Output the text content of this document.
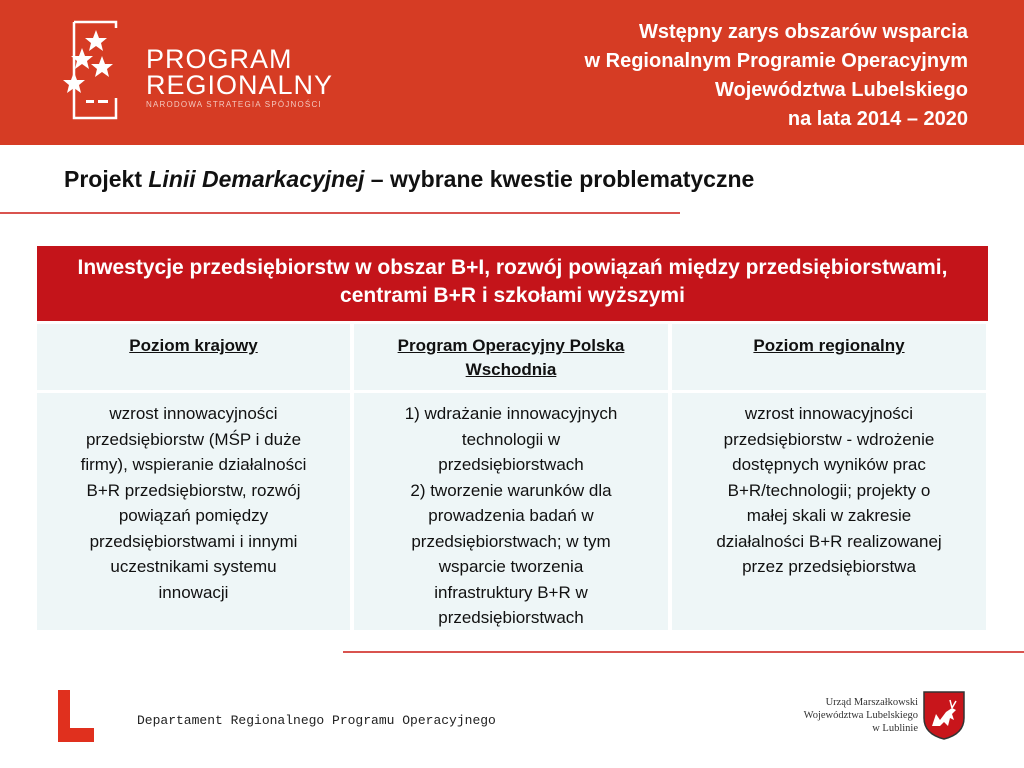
PROGRAM
REGIONALNY
NARODOWA STRATEGIA SPÓJNOŚCI
Wstępny zarys obszarów wsparcia
w Regionalnym Programie Operacyjnym
Województwa Lubelskiego
na lata 2014 – 2020
Projekt Linii Demarkacyjnej – wybrane kwestie problematyczne
Inwestycje przedsiębiorstw w obszar B+I, rozwój powiązań między przedsiębiorstwami, centrami B+R i szkołami wyższymi
Poziom krajowy	Program Operacyjny Polska Wschodnia
Poziom regionalny
wzrost innowacyjności
przedsiębiorstw (MŚP i duże
firmy), wspieranie działalności
B+R przedsiębiorstw, rozwój
powiązań pomiędzy
przedsiębiorstwami i innymi
uczestnikami systemu
innowacji
1) wdrażanie innowacyjnych
technologii w
przedsiębiorstwach
2) tworzenie warunków dla
prowadzenia badań w
przedsiębiorstwach; w tym
wsparcie tworzenia
infrastruktury B+R w
przedsiębiorstwach
wzrost innowacyjności
przedsiębiorstw - wdrożenie
dostępnych wyników prac
B+R/technologii; projekty o
małej skali w zakresie
działalności B+R realizowanej
przez przedsiębiorstwa
Departament Regionalnego Programu Operacyjnego
Urząd Marszałkowski
Województwa Lubelskiego
w Lublinie
